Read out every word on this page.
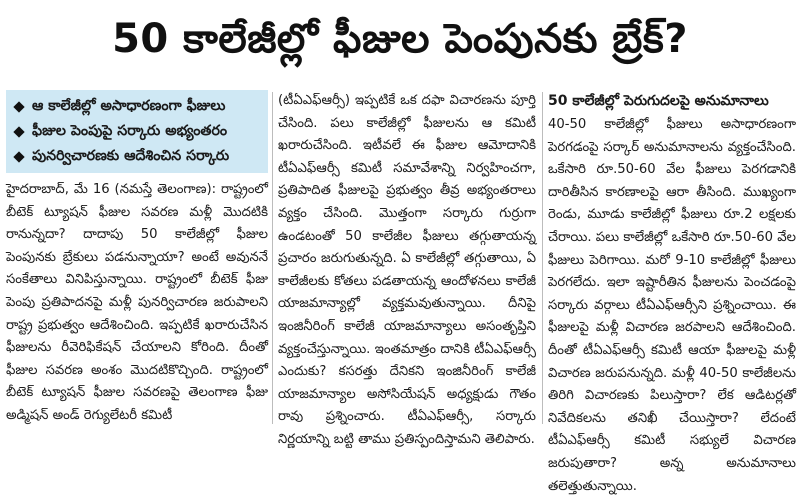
50 కాలేజీల్లో ఫీజుల పెంపునకు బ్రేక్?
ఆ కాలేజీల్లో అసాధారణంగా ఫీజులు
ఫీజుల పెంపుపై సర్కారు అభ్యంతరం
పునర్విచారణకు ఆదేశించిన సర్కారు

హైదరాబాద్, మే 16 (నమస్తే తెలంగాణ): రాష్ట్రంలో బీటెక్ ట్యూషన్ ఫీజుల సవరణ మళ్లీ మొదటికి రానున్నదా? దాదాపు 50 కాలేజీల్లో ఫీజుల పెంపునకు బ్రేకులు పడనున్నాయా? అంటే అవుననే సంకేతాలు వినిపిస్తున్నాయి. రాష్ట్రంలో బీటెక్ ఫీజు పెంపు ప్రతిపాదనపై మళ్లీ పునర్విచారణ జరుపాలని రాష్ట్ర ప్రభుత్వం ఆదేశించింది. ఇప్పటికే ఖరారుచేసిన ఫీజులను రీవెరిఫికేషన్ చేయాలని కోరింది. దీంతో ఫీజుల సవరణ అంశం మొదటికొచ్చింది. రాష్ట్రంలో బీటెక్ ట్యూషన్ ఫీజుల సవరణపై తెలంగాణ ఫీజు అడ్మిషన్ అండ్ రెగ్యులేటరీ కమిటీ

(టీఏఎఫ్ఆర్సీ) ఇప్పటికే ఒక దఫా విచారణను పూర్తి చేసింది. పలు కాలేజీల్లో ఫీజులను ఆ కమిటీ ఖరారుచేసింది. ఇటీవలే ఈ ఫీజుల ఆమోదానికి టీఏఎఫ్ఆర్సీ కమిటీ సమావేశాన్ని నిర్వహించగా, ప్రతిపాదిత ఫీజులపై ప్రభుత్వం తీవ్ర అభ్యంతరాలు వ్యక్తం చేసింది. మొత్తంగా సర్కారు గుర్రుగా ఉండటంతో 50 కాలేజీల ఫీజులు తగ్గుతాయన్న ప్రచారం జరుగుతున్నది. ఏ కాలేజీల్లో తగ్గుతాయి, ఏ కాలేజీలకు కోతలు పడతాయన్న ఆందోళనలు కాలేజీ యాజమాన్యాల్లో వ్యక్తమవుతున్నాయి. దీనిపై ఇంజినీరింగ్ కాలేజీ యాజమాన్యాలు అసంతృప్తిని వ్యక్తంచేస్తున్నాయి. ఇంతమాత్రం దానికి టీఏఎఫ్ఆర్సీ ఎందుకు? కసరత్తు దేనికని ఇంజినీరింగ్ కాలేజీ యాజమాన్యాల అసోసియేషన్ అధ్యక్షుడు గౌతం రావు ప్రశ్నించారు. టీఏఎఫ్ఆర్సీ, సర్కారు నిర్ణయాన్ని బట్టి తాము ప్రతిస్పందిస్తామని తెలిపారు.

50 కాలేజీల్లో పెరుగుదలపై అనుమానాలు

40-50 కాలేజీల్లో ఫీజులు అసాధారణంగా పెరగడంపై సర్కార్ అనుమానాలను వ్యక్తంచేసింది. ఒకేసారి రూ.50-60 వేల ఫీజులు పెరగడానికి దారితీసిన కారణాలపై ఆరా తీసింది. ముఖ్యంగా రెండు, మూడు కాలేజీల్లో ఫీజులు రూ.2 లక్షలకు చేరాయి. పలు కాలేజీల్లో ఒకేసారి రూ.50-60 వేల ఫీజులు పెరిగాయి. మరో 9-10 కాలేజీల్లో ఫీజులు పెరగలేదు. ఇలా ఇష్టారీతిన ఫీజులను పెంచడంపై సర్కారు వర్గాలు టీఏఎఫ్ఆర్సీని ప్రశ్నించాయి. ఈ ఫీజులపై మళ్లీ విచారణ జరపాలని ఆదేశించింది. దీంతో టీఏఎఫ్ఆర్సీ కమిటీ ఆయా ఫీజులపై మళ్లీ విచారణ జరుపనున్నది. మళ్లీ 40-50 కాలేజీలను తిరిగి విచారణకు పిలుస్తారా? లేక ఆడిటర్లతో నివేదికలను తనిఖీ చేయిస్తారా? లేదంటే టీఏఎఫ్ఆర్సీ కమిటీ సభ్యులే విచారణ జరుపుతారా? అన్న అనుమానాలు తలెత్తుతున్నాయి.
